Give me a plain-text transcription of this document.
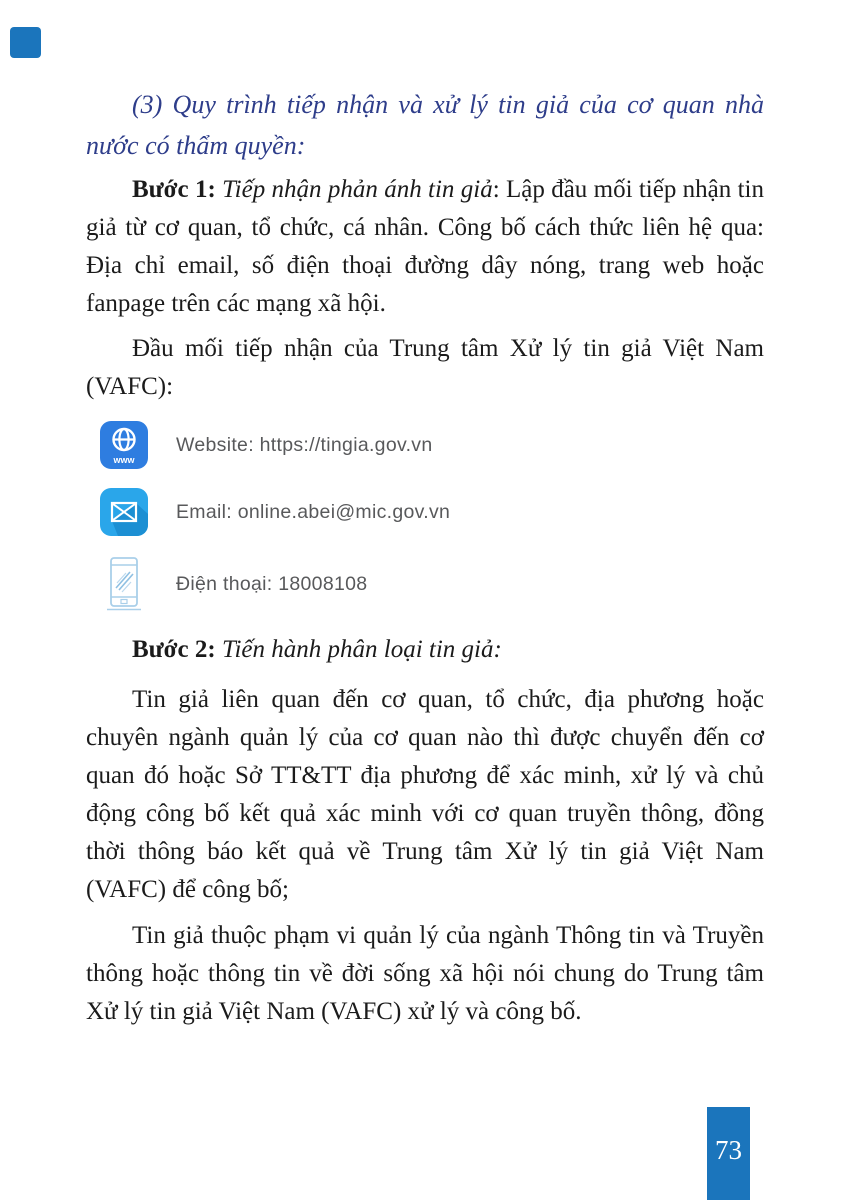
(3) Quy trình tiếp nhận và xử lý tin giả của cơ quan nhà nước có thẩm quyền:

Bước 1: Tiếp nhận phản ánh tin giả: Lập đầu mối tiếp nhận tin giả từ cơ quan, tổ chức, cá nhân. Công bố cách thức liên hệ qua: Địa chỉ email, số điện thoại đường dây nóng, trang web hoặc fanpage trên các mạng xã hội.

Đầu mối tiếp nhận của Trung tâm Xử lý tin giả Việt Nam (VAFC):

www
Website: https://tingia.gov.vn
Email: online.abei@mic.gov.vn
Điện thoại: 18008108

Bước 2: Tiến hành phân loại tin giả:

Tin giả liên quan đến cơ quan, tổ chức, địa phương hoặc chuyên ngành quản lý của cơ quan nào thì được chuyển đến cơ quan đó hoặc Sở TT&TT địa phương để xác minh, xử lý và chủ động công bố kết quả xác minh với cơ quan truyền thông, đồng thời thông báo kết quả về Trung tâm Xử lý tin giả Việt Nam (VAFC) để công bố;

Tin giả thuộc phạm vi quản lý của ngành Thông tin và Truyền thông hoặc thông tin về đời sống xã hội nói chung do Trung tâm Xử lý tin giả Việt Nam (VAFC) xử lý và công bố.

73
